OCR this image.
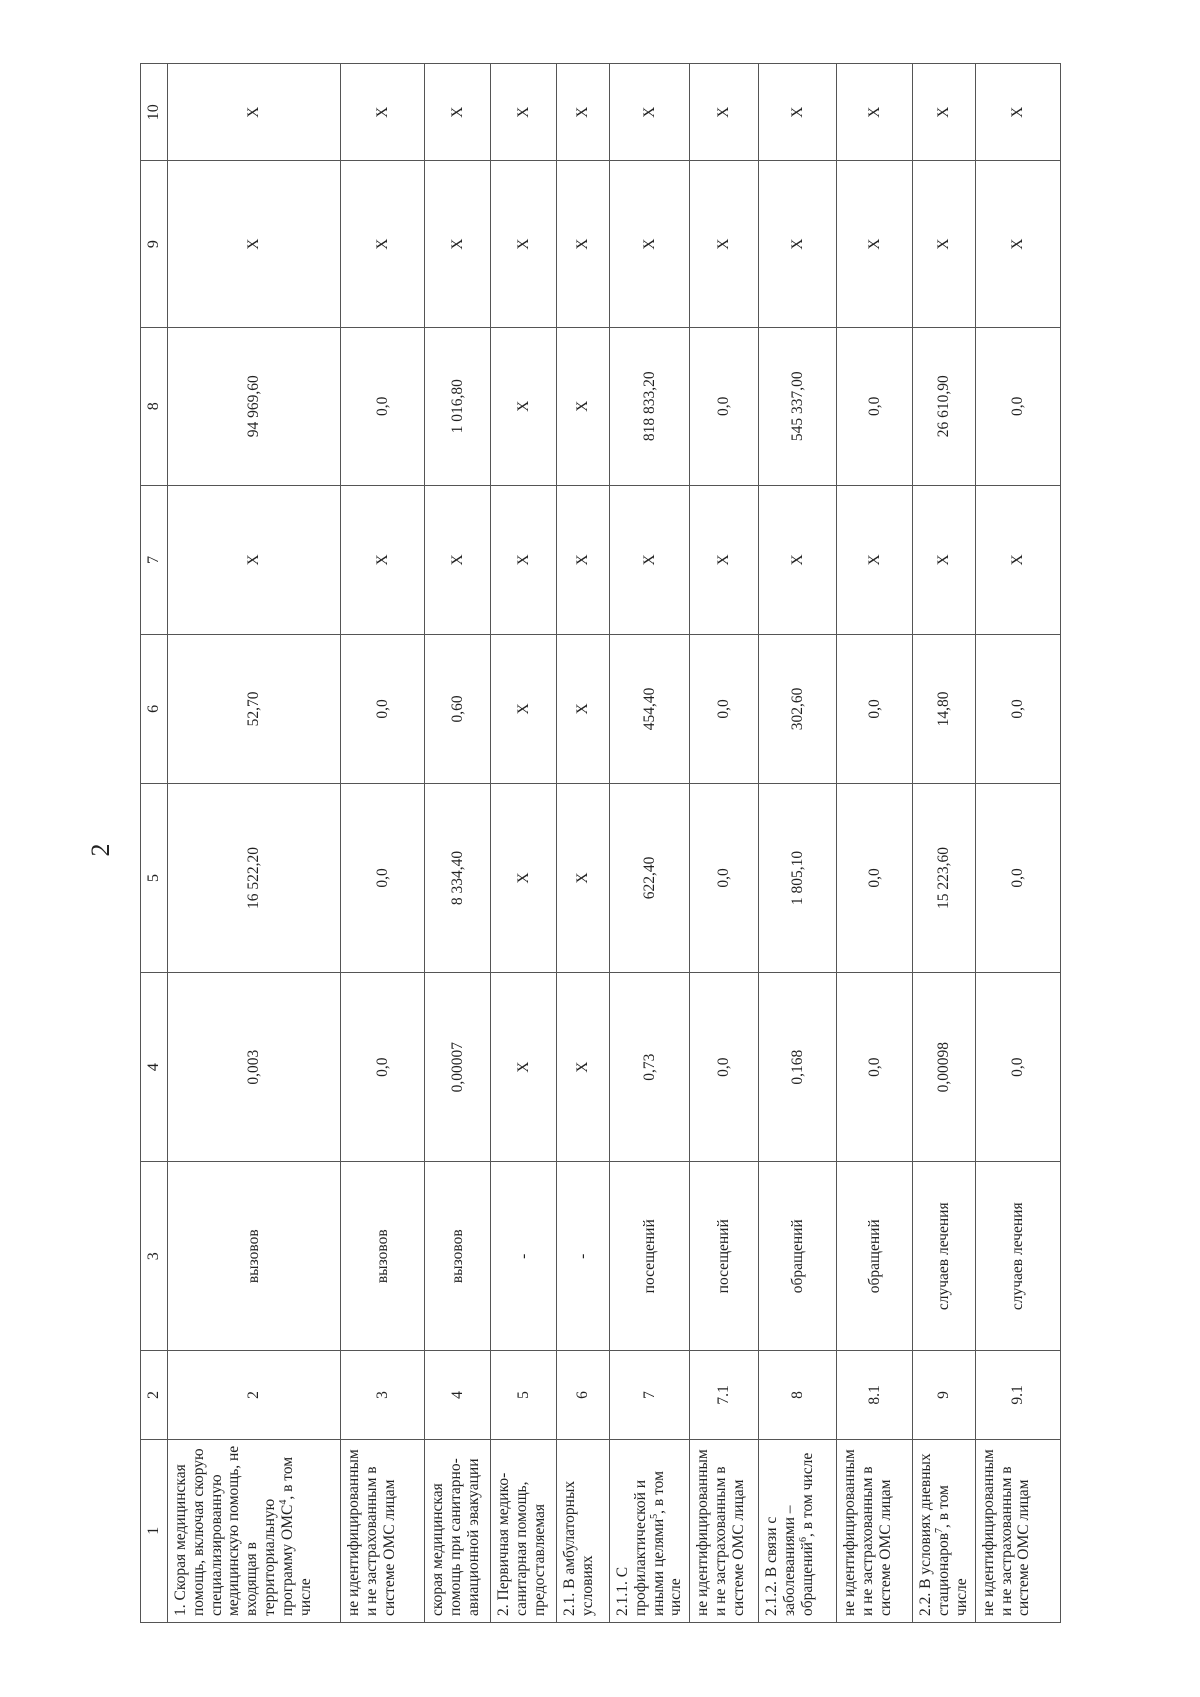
2
1	2	3	4	5	6	7	8	9	10
1. Скорая медицинская помощь, включая скорую специализированную медицинскую помощь, не входящая в территориальную программу ОМС$^4$, в том числе	2	вызовов	0,003	16 522,20	52,70	X	94 969,60	X	X
не идентифицированным и не застрахованным в системе ОМС лицам	3	вызовов	0,0	0,0	0,0	X	0,0	X	X
скорая медицинская помощь при санитарно-авиационной эвакуации	4	вызовов	0,00007	8 334,40	0,60	X	1 016,80	X	X
2. Первичная медико-санитарная помощь, предоставляемая	5	-	X	X	X	X	X	X	X
2.1. В амбулаторных условиях	6	-	X	X	X	X	X	X	X
2.1.1. С профилактической и иными целями$^5$, в том числе	7	посещений	0,73	622,40	454,40	X	818 833,20	X	X
не идентифицированным и не застрахованным в системе ОМС лицам	7.1	посещений	0,0	0,0	0,0	X	0,0	X	X
2.1.2. В связи с заболеваниями – обращений$^6$, в том числе	8	обращений	0,168	1 805,10	302,60	X	545 337,00	X	X
не идентифицированным и не застрахованным в системе ОМС лицам	8.1	обращений	0,0	0,0	0,0	X	0,0	X	X
2.2. В условиях дневных стационаров$^7$, в том числе	9	случаев лечения	0,00098	15 223,60	14,80	X	26 610,90	X	X
не идентифицированным и не застрахованным в системе ОМС лицам	9.1	случаев лечения	0,0	0,0	0,0	X	0,0	X	X
